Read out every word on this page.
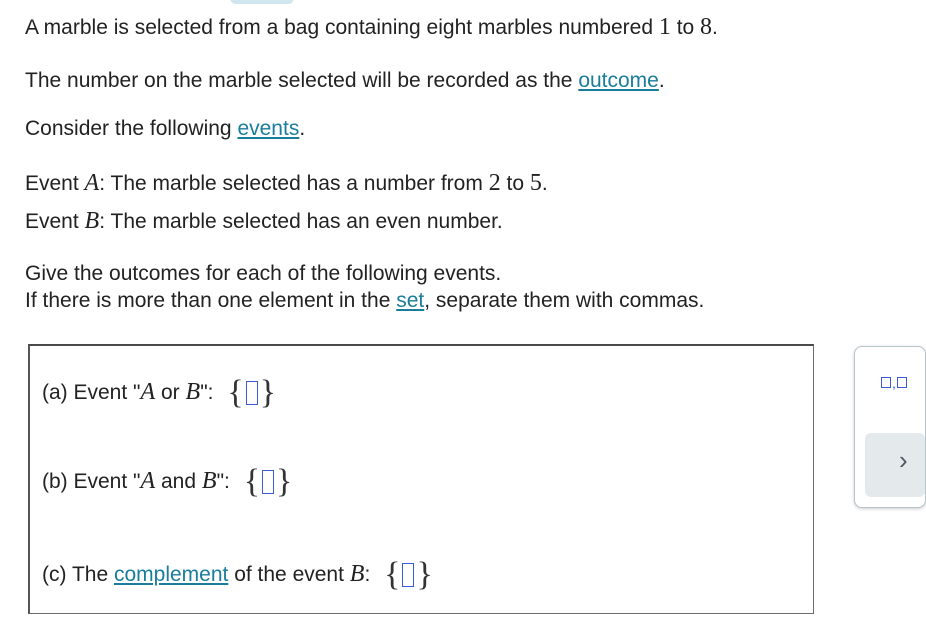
A marble is selected from a bag containing eight marbles numbered 1 to 8.
The number on the marble selected will be recorded as the outcome.
Consider the following events.
Event A: The marble selected has a number from 2 to 5.
Event B: The marble selected has an even number.
Give the outcomes for each of the following events.
If there is more than one element in the set, separate them with commas.
(a) Event "A or B": { }
(b) Event "A and B": { }
(c) The complement of the event B: { }
,
›
